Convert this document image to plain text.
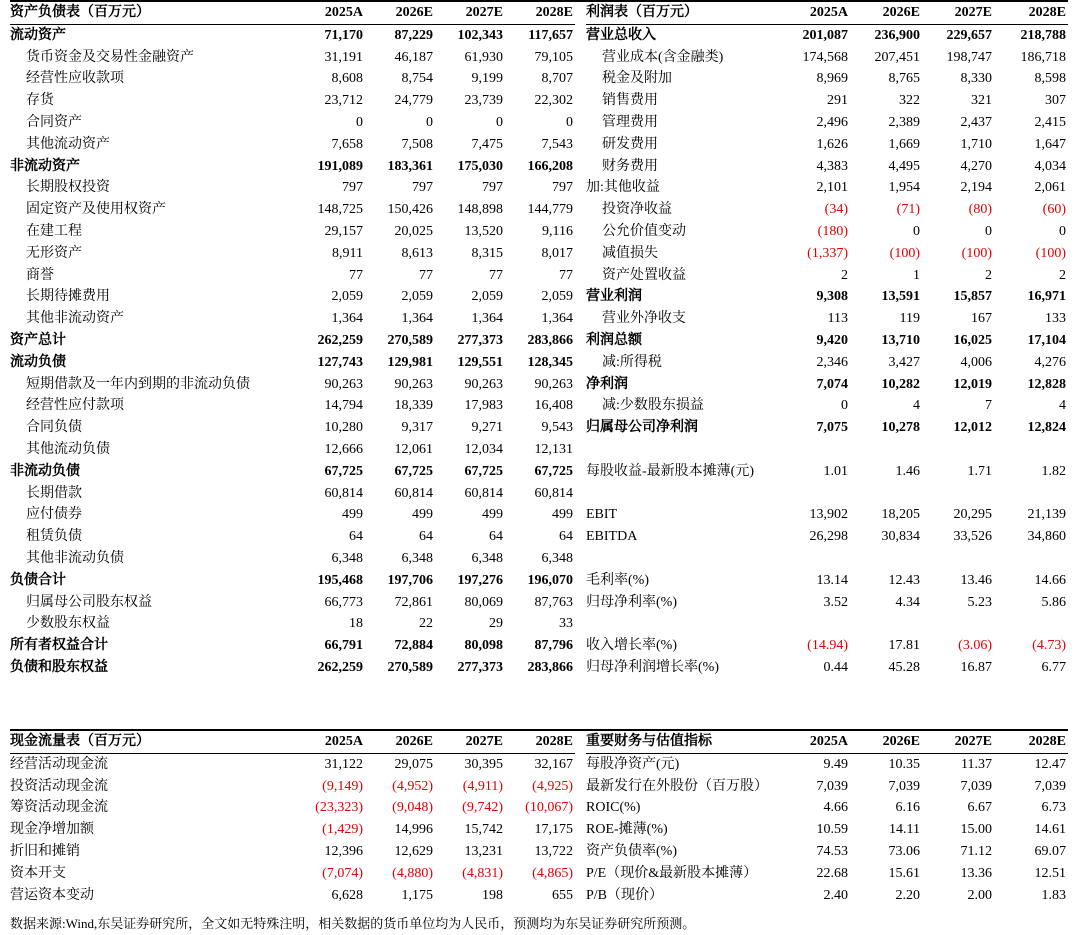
资产负债表（百万元）	2025A	2026E	2027E	2028E
流动资产	71,170	87,229	102,343	117,657
货币资金及交易性金融资产	31,191	46,187	61,930	79,105
经营性应收款项	8,608	8,754	9,199	8,707
存货	23,712	24,779	23,739	22,302
合同资产	0	0	0	0
其他流动资产	7,658	7,508	7,475	7,543
非流动资产	191,089	183,361	175,030	166,208
长期股权投资	797	797	797	797
固定资产及使用权资产	148,725	150,426	148,898	144,779
在建工程	29,157	20,025	13,520	9,116
无形资产	8,911	8,613	8,315	8,017
商誉	77	77	77	77
长期待摊费用	2,059	2,059	2,059	2,059
其他非流动资产	1,364	1,364	1,364	1,364
资产总计	262,259	270,589	277,373	283,866
流动负债	127,743	129,981	129,551	128,345
短期借款及一年内到期的非流动负债	90,263	90,263	90,263	90,263
经营性应付款项	14,794	18,339	17,983	16,408
合同负债	10,280	9,317	9,271	9,543
其他流动负债	12,666	12,061	12,034	12,131
非流动负债	67,725	67,725	67,725	67,725
长期借款	60,814	60,814	60,814	60,814
应付债券	499	499	499	499
租赁负债	64	64	64	64
其他非流动负债	6,348	6,348	6,348	6,348
负债合计	195,468	197,706	197,276	196,070
归属母公司股东权益	66,773	72,861	80,069	87,763
少数股东权益	18	22	29	33
所有者权益合计	66,791	72,884	80,098	87,796
负债和股东权益	262,259	270,589	277,373	283,866
利润表（百万元）	2025A	2026E	2027E	2028E
营业总收入	201,087	236,900	229,657	218,788
营业成本(含金融类)	174,568	207,451	198,747	186,718
税金及附加	8,969	8,765	8,330	8,598
销售费用	291	322	321	307
管理费用	2,496	2,389	2,437	2,415
研发费用	1,626	1,669	1,710	1,647
财务费用	4,383	4,495	4,270	4,034
加:其他收益	2,101	1,954	2,194	2,061
投资净收益	(34)	(71)	(80)	(60)
公允价值变动	(180)	0	0	0
减值损失	(1,337)	(100)	(100)	(100)
资产处置收益	2	1	2	2
营业利润	9,308	13,591	15,857	16,971
营业外净收支	113	119	167	133
利润总额	9,420	13,710	16,025	17,104
减:所得税	2,346	3,427	4,006	4,276
净利润	7,074	10,282	12,019	12,828
减:少数股东损益	0	4	7	4
归属母公司净利润	7,075	10,278	12,012	12,824

每股收益-最新股本摊薄(元)	1.01	1.46	1.71	1.82

EBIT	13,902	18,205	20,295	21,139
EBITDA	26,298	30,834	33,526	34,860

毛利率(%)	13.14	12.43	13.46	14.66
归母净利率(%)	3.52	4.34	5.23	5.86

收入增长率(%)	(14.94)	17.81	(3.06)	(4.73)
归母净利润增长率(%)	0.44	45.28	16.87	6.77
现金流量表（百万元）	2025A	2026E	2027E	2028E
经营活动现金流	31,122	29,075	30,395	32,167
投资活动现金流	(9,149)	(4,952)	(4,911)	(4,925)
筹资活动现金流	(23,323)	(9,048)	(9,742)	(10,067)
现金净增加额	(1,429)	14,996	15,742	17,175
折旧和摊销	12,396	12,629	13,231	13,722
资本开支	(7,074)	(4,880)	(4,831)	(4,865)
营运资本变动	6,628	1,175	198	655
重要财务与估值指标	2025A	2026E	2027E	2028E
每股净资产(元)	9.49	10.35	11.37	12.47
最新发行在外股份（百万股）	7,039	7,039	7,039	7,039
ROIC(%)	4.66	6.16	6.67	6.73
ROE-摊薄(%)	10.59	14.11	15.00	14.61
资产负债率(%)	74.53	73.06	71.12	69.07
P/E（现价&最新股本摊薄）	22.68	15.61	13.36	12.51
P/B（现价）	2.40	2.20	2.00	1.83
数据来源:Wind,东吴证券研究所，全文如无特殊注明，相关数据的货币单位均为人民币，预测均为东吴证券研究所预测。
